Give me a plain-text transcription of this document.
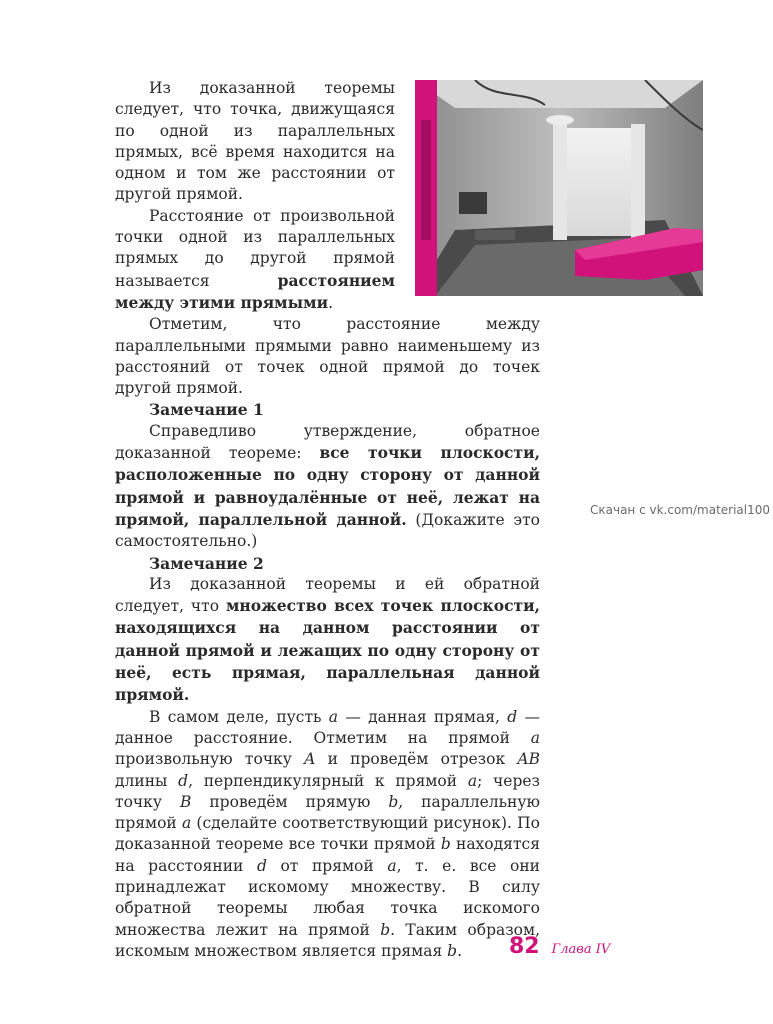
Из доказанной теоремы следует, что точка, движущаяся по одной из параллельных прямых, всё время находится на одном и том же расстоянии от другой прямой.

Расстояние от произвольной точки одной из параллельных прямых до другой прямой называется расстоянием между этими прямыми.

Отметим, что расстояние между параллельными прямыми равно наименьшему из расстояний от точек одной прямой до точек другой прямой.

Замечание 1

Справедливо утверждение, обратное доказанной теореме: все точки плоскости, расположенные по одну сторону от данной прямой и равноудалённые от неё, лежат на прямой, параллельной данной. (Докажите это самостоятельно.)

Замечание 2

Из доказанной теоремы и ей обратной следует, что множество всех точек плоскости, находящихся на данном расстоянии от данной прямой и лежащих по одну сторону от неё, есть прямая, параллельная данной прямой.

В самом деле, пусть a — данная прямая, d — данное расстояние. Отметим на прямой a произвольную точку A и проведём отрезок AB длины d, перпендикулярный к прямой a; через точку B проведём прямую b, параллельную прямой a (сделайте соответствующий рисунок). По доказанной теореме все точки прямой b находятся на расстоянии d от прямой a, т. е. все они принадлежат искомому множеству. В силу обратной теоремы любая точка искомого множества лежит на прямой b. Таким образом, искомым множеством является прямая b.

Скачан с vk.com/material100
82 Глава IV
